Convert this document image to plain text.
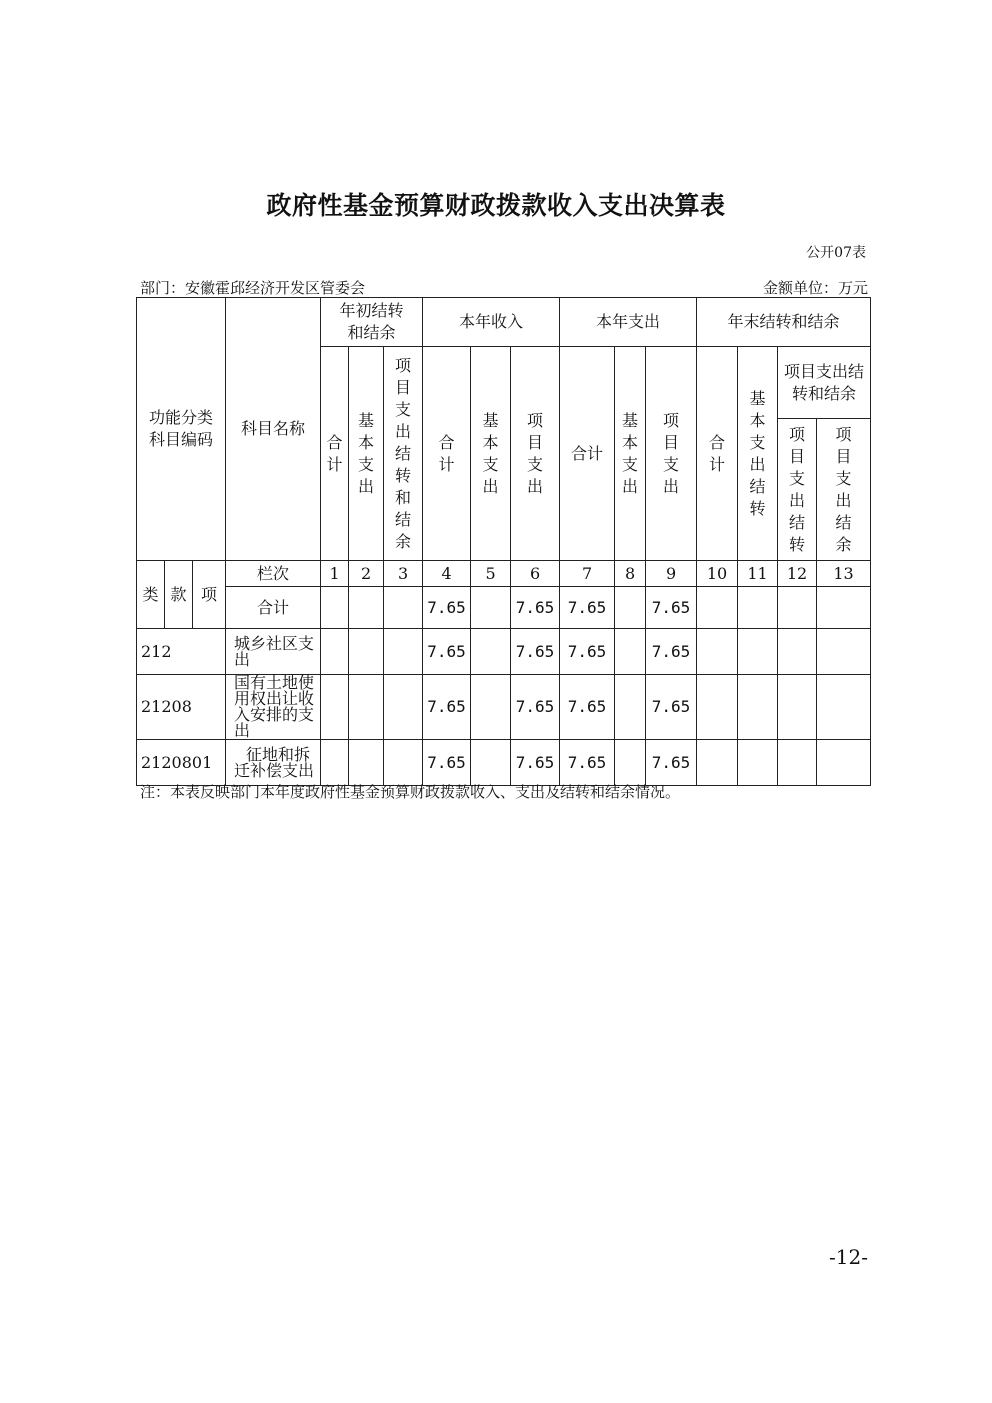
政府性基金预算财政拨款收入支出决算表
公开07表
部门：安徽霍邱经济开发区管委会	金额单位：万元
功能分类科目编码			科目名称	年初结转和结余			本年收入			本年支出			年末结转和结余			
				合计	基本支出	项目支出结转和结余	合计	基本支出	项目支出	合计	基本支出	项目支出	合计	基本支出结转	项目支出结转和结余	

															项目支出结转	项目支出结余
类	款	项	栏次	1	2	3	4	5	6	7	8	9	10	11	12	13
			合计				7.65		7.65	7.65		7.65				
212			城乡社区支出				7.65		7.65	7.65		7.65				
21208			国有土地使用权出让收入安排的支出				7.65		7.65	7.65		7.65				
2120801			征地和拆迁补偿支出				7.65		7.65	7.65		7.65				
注：本表反映部门本年度政府性基金预算财政拨款收入、支出及结转和结余情况。
-12-
